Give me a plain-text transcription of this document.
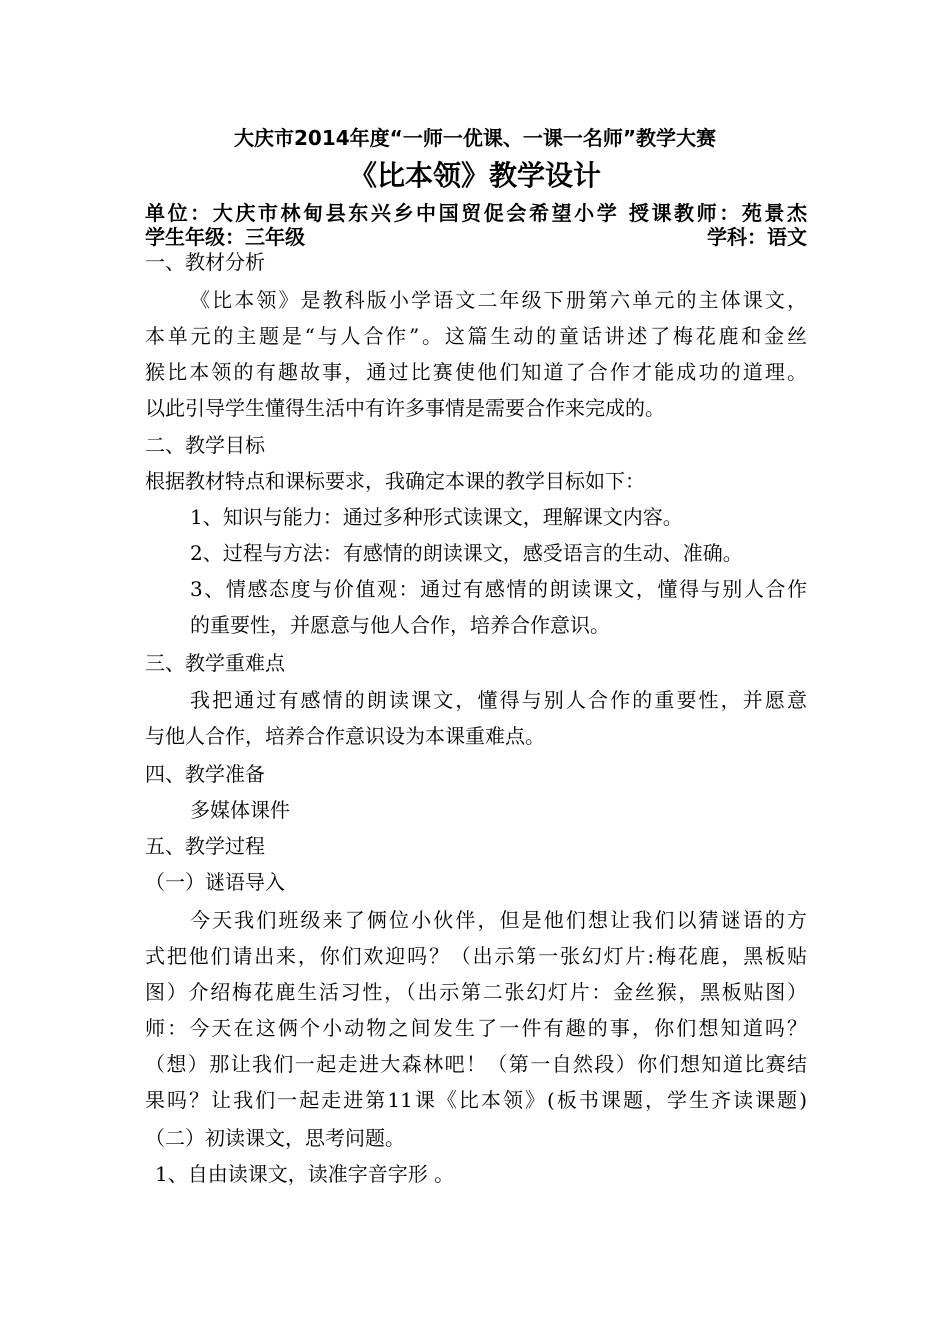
大庆市2014年度“一师一优课、一课一名师”教学大赛
《比本领》教学设计
单位：大庆市林甸县东兴乡中国贸促会希望小学 授课教师：苑景杰
学生年级：三年级	学科：语文
一、教材分析
《比本领》是教科版小学语文二年级下册第六单元的主体课文，
本单元的主题是“与人合作”。这篇生动的童话讲述了梅花鹿和金丝
猴比本领的有趣故事，通过比赛使他们知道了合作才能成功的道理。
以此引导学生懂得生活中有许多事情是需要合作来完成的。
二、教学目标
根据教材特点和课标要求，我确定本课的教学目标如下：
1、知识与能力：通过多种形式读课文，理解课文内容。
2、过程与方法：有感情的朗读课文，感受语言的生动、准确。
3、情感态度与价值观：通过有感情的朗读课文，懂得与别人合作
的重要性，并愿意与他人合作，培养合作意识。
三、教学重难点
我把通过有感情的朗读课文，懂得与别人合作的重要性，并愿意
与他人合作，培养合作意识设为本课重难点。
四、教学准备
多媒体课件
五、教学过程
（一）谜语导入
今天我们班级来了俩位小伙伴，但是他们想让我们以猜谜语的方
式把他们请出来，你们欢迎吗？（出示第一张幻灯片:梅花鹿，黑板贴
图）介绍梅花鹿生活习性，（出示第二张幻灯片：金丝猴，黑板贴图）
师：今天在这俩个小动物之间发生了一件有趣的事，你们想知道吗？
（想）那让我们一起走进大森林吧！（第一自然段）你们想知道比赛结
果吗？让我们一起走进第11课《比本领》(板书课题，学生齐读课题)
（二）初读课文，思考问题。
1、自由读课文，读准字音字形 。
